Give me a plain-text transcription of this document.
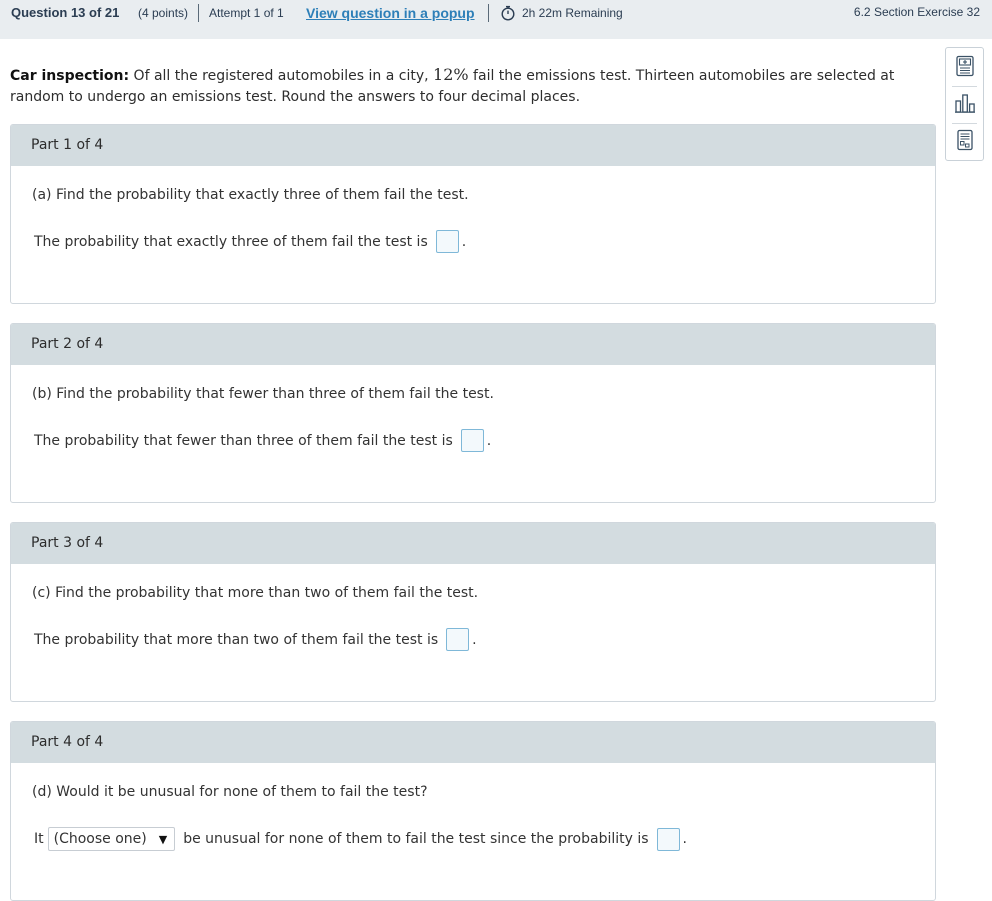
Question 13 of 21 (4 points) Attempt 1 of 1 View question in a popup	2h 22m Remaining	6.2 Section Exercise 32
Car inspection: Of all the registered automobiles in a city, 12% fail the emissions test. Thirteen automobiles are selected at random to undergo an emissions test. Round the answers to four decimal places.
Part 1 of 4
(a) Find the probability that exactly three of them fail the test.
The probability that exactly three of them fail the test is .
Part 2 of 4
(b) Find the probability that fewer than three of them fail the test.
The probability that fewer than three of them fail the test is .
Part 3 of 4
(c) Find the probability that more than two of them fail the test.
The probability that more than two of them fail the test is .
Part 4 of 4
(d) Would it be unusual for none of them to fail the test?
It (Choose one) ▼ be unusual for none of them to fail the test since the probability is .
